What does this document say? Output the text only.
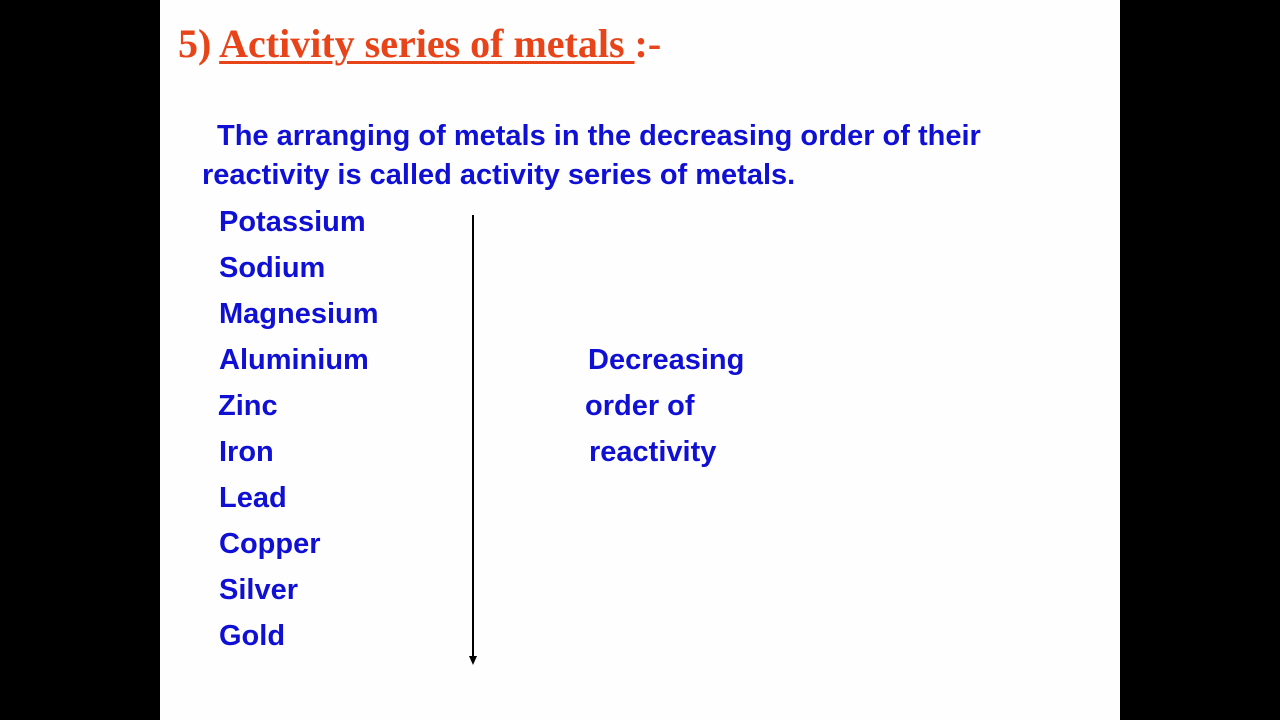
5) Activity series of metals :-
The arranging of metals in the decreasing order of their
reactivity is called activity series of metals.
Potassium
Sodium
Magnesium
Aluminium
Zinc
Iron
Lead
Copper
Silver
Gold
Decreasing
order of
reactivity
